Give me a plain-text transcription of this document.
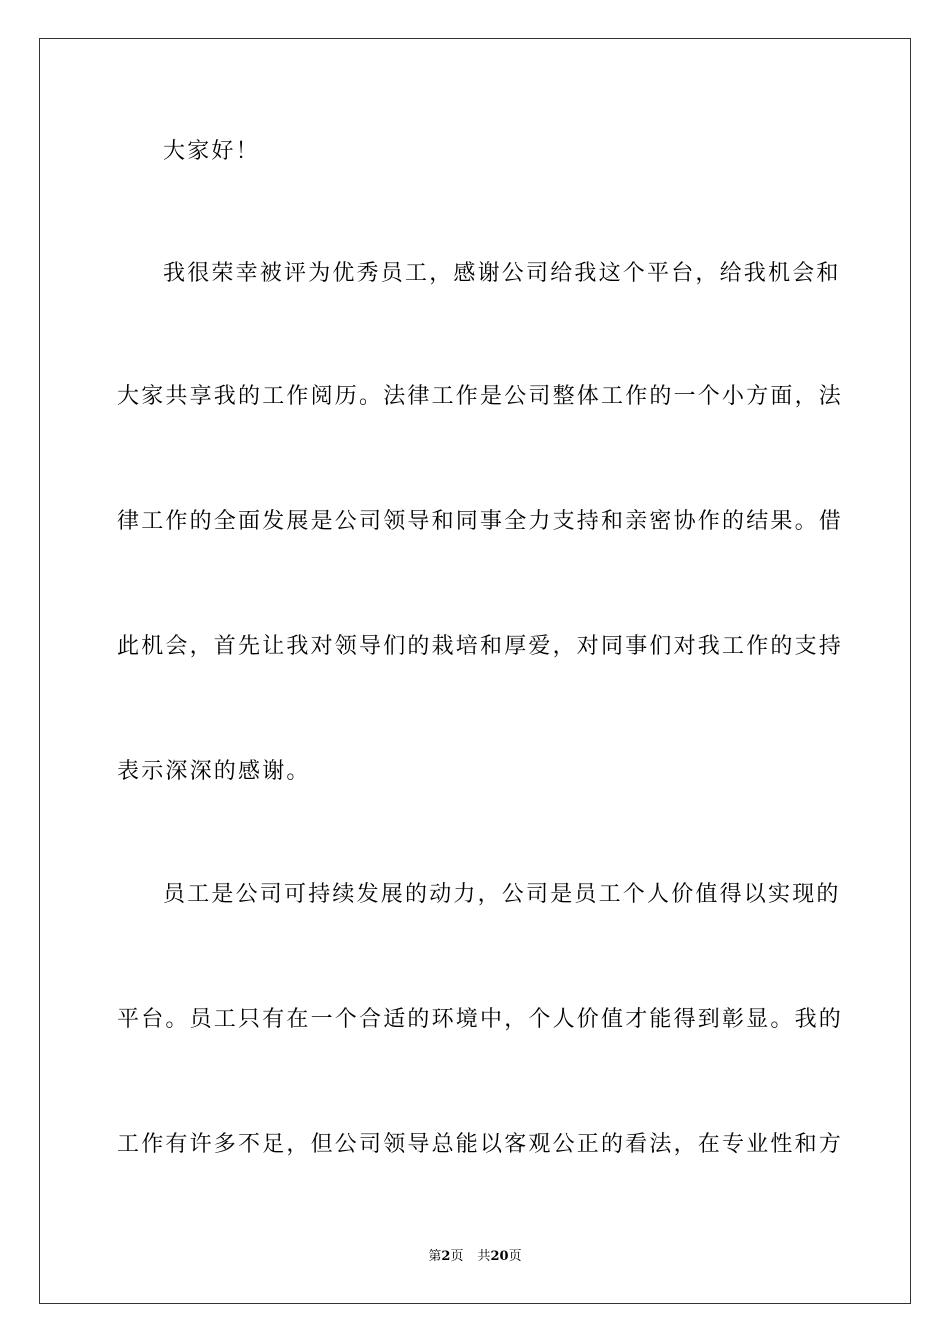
大家好！
我很荣幸被评为优秀员工，感谢公司给我这个平台，给我机会和
大家共享我的工作阅历。法律工作是公司整体工作的一个小方面，法
律工作的全面发展是公司领导和同事全力支持和亲密协作的结果。借
此机会，首先让我对领导们的栽培和厚爱，对同事们对我工作的支持
表示深深的感谢。
员工是公司可持续发展的动力，公司是员工个人价值得以实现的
平台。员工只有在一个合适的环境中，个人价值才能得到彰显。我的
工作有许多不足，但公司领导总能以客观公正的看法，在专业性和方
第2页 共20页
